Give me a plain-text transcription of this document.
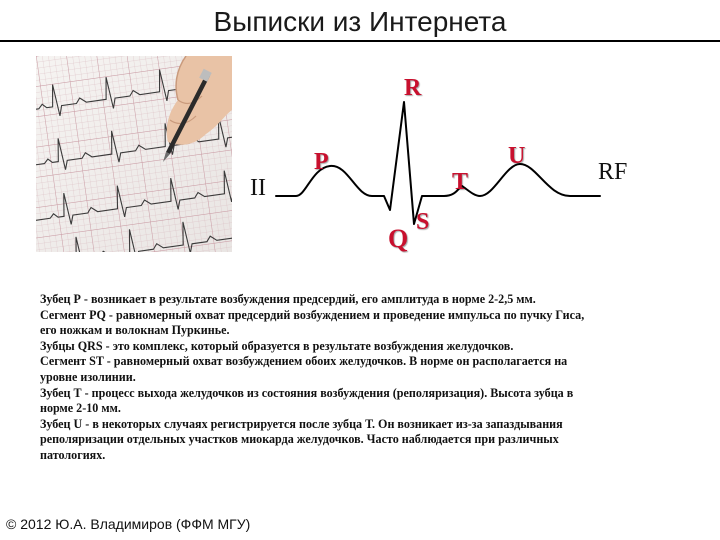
Выписки из Интернета
R
P
T
U
Q
S
II
RF

Зубец Р - возникает в результате возбуждения предсердий, его амплитуда в норме 2-2,5 мм.

Сегмент PQ - равномерный охват предсердий возбуждением и проведение импульса по пучку Гиса,

его ножкам и волокнам Пуркинье.

Зубцы QRS - это комплекс, который образуется в результате возбуждения желудочков.

Сегмент ST - равномерный охват возбуждением обоих желудочков. В норме он располагается на

уровне изолинии.

Зубец Т - процесс выхода желудочков из состояния возбуждения (реполяризация). Высота зубца в

норме 2-10 мм.

Зубец U - в некоторых случаях регистрируется после зубца Т. Он возникает из-за запаздывания

реполяризации отдельных участков миокарда желудочков. Часто наблюдается при различных

патологиях.

© 2012 Ю.А. Владимиров (ФФМ МГУ)
